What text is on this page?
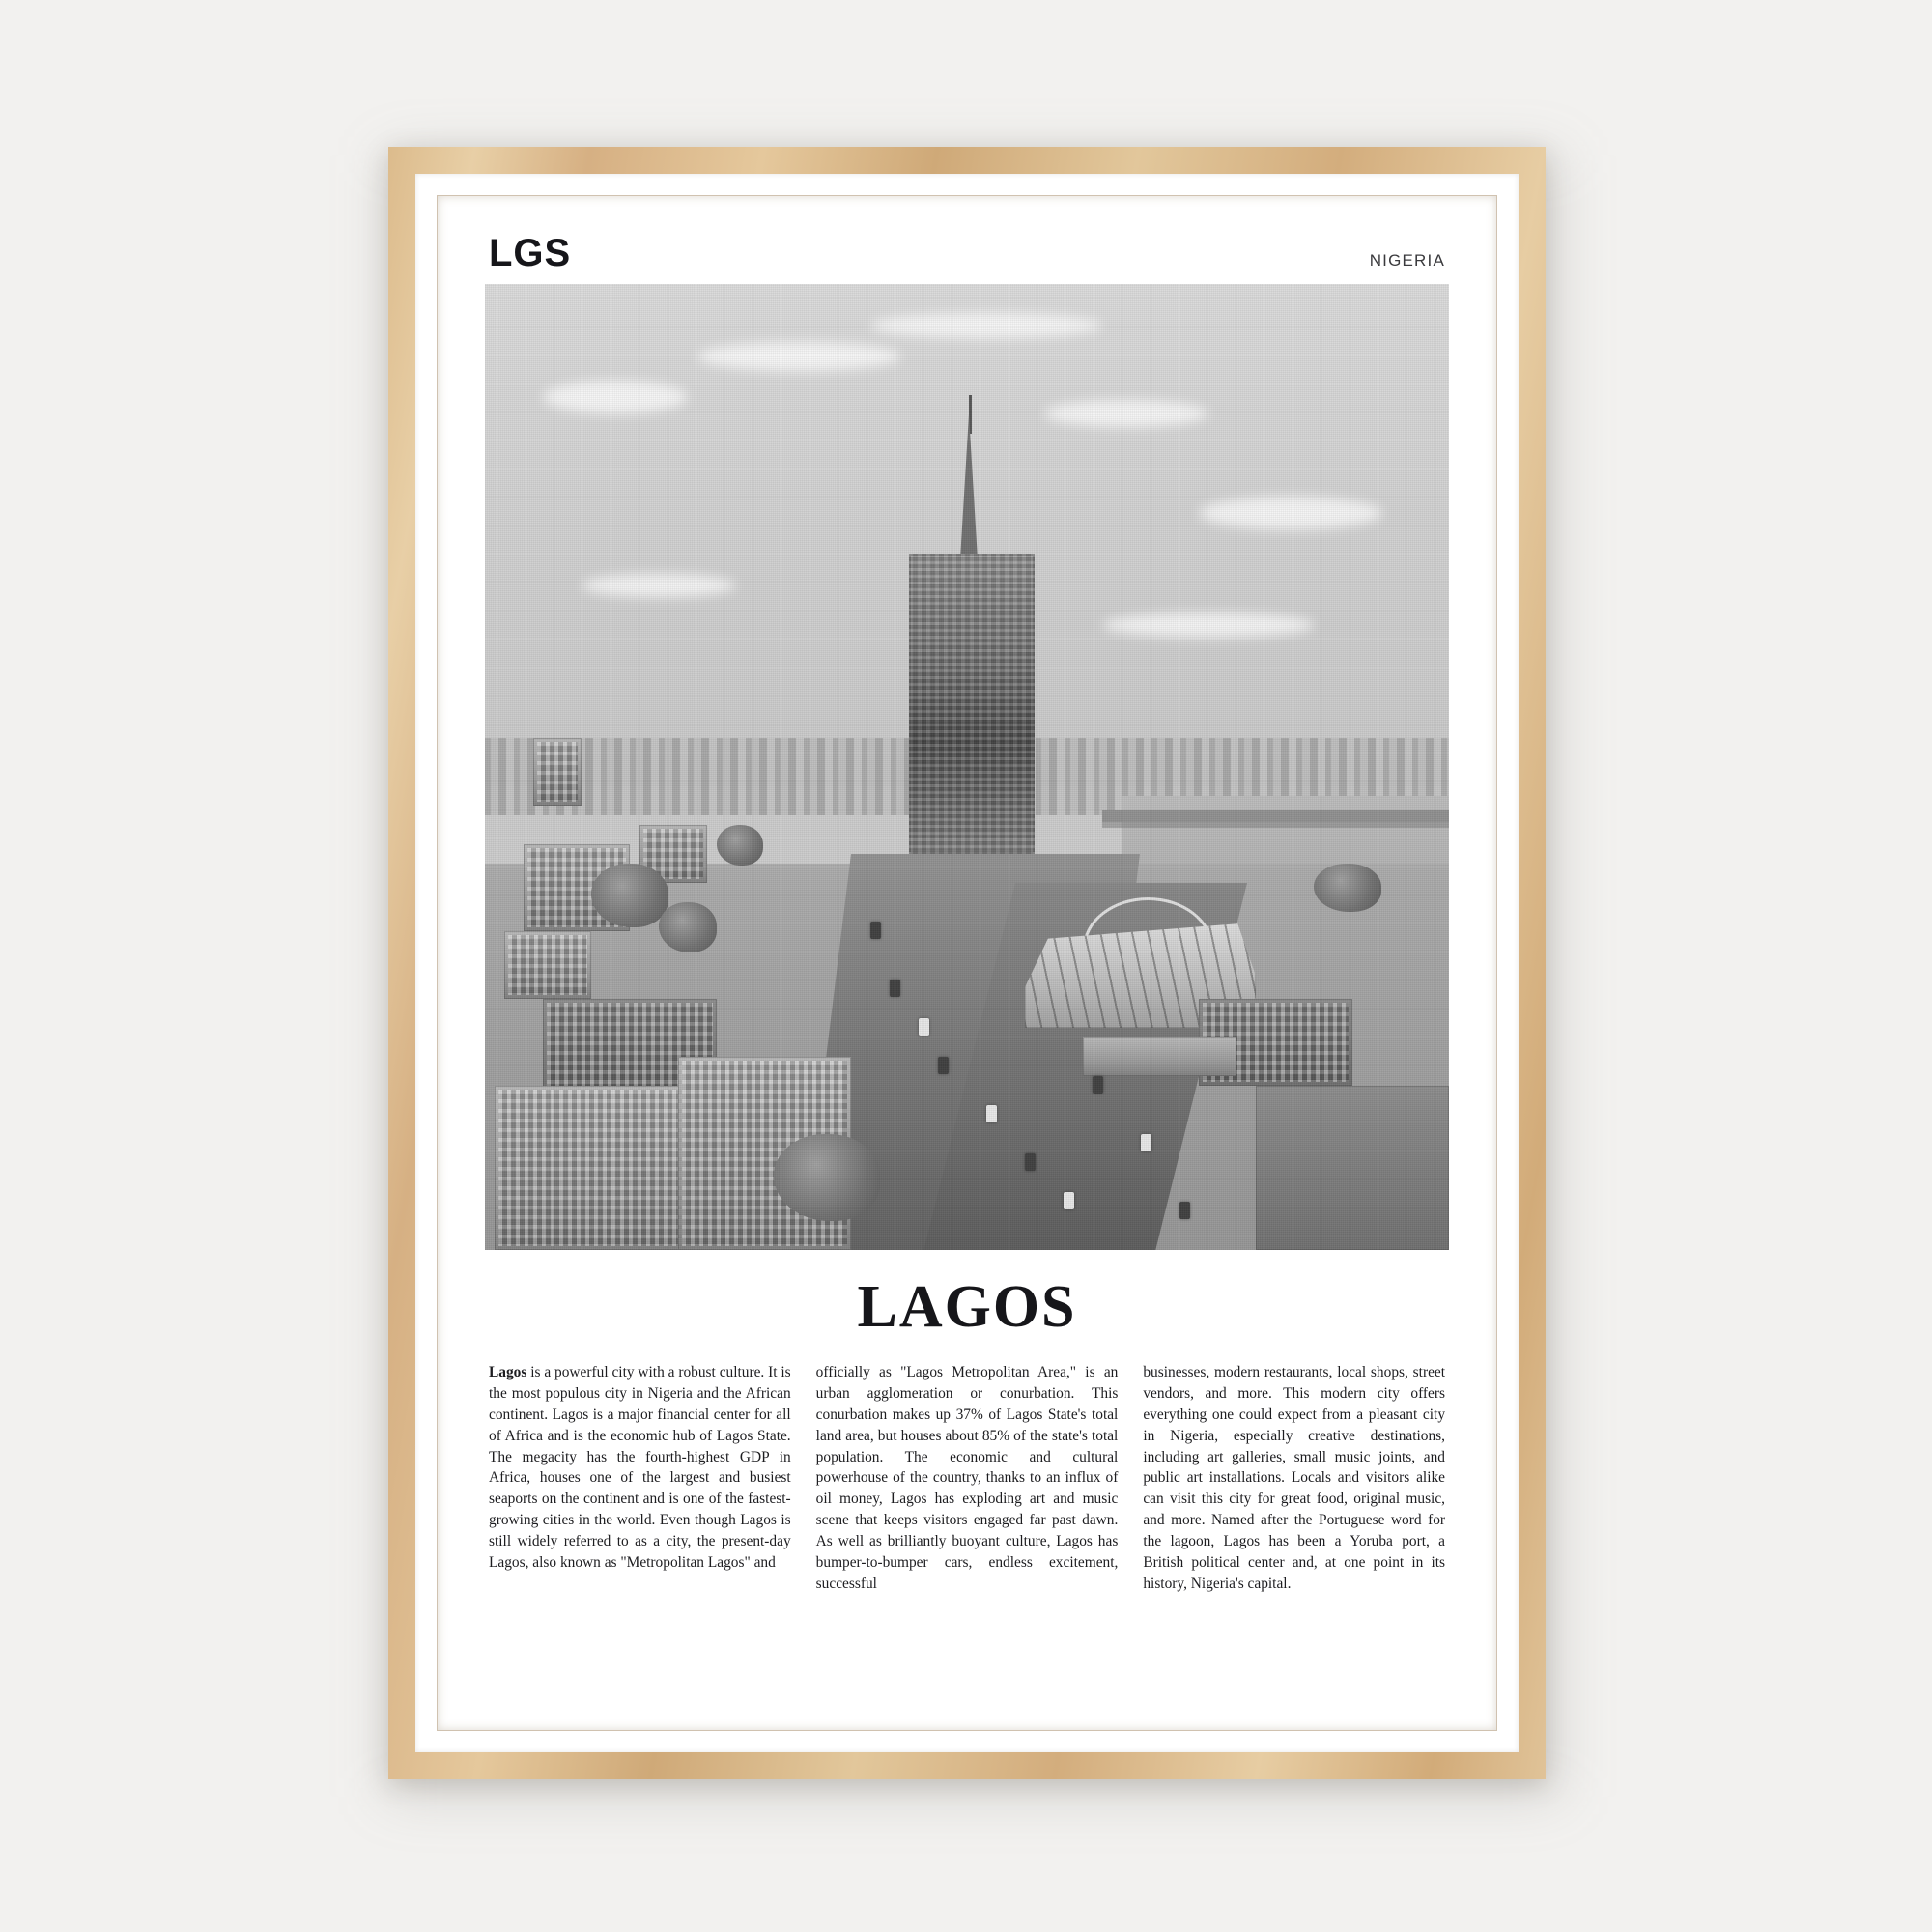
LGS	NIGERIA
LAGOS
Lagos is a powerful city with a robust culture. It is the most populous city in Nigeria and the African continent. Lagos is a major financial center for all of Africa and is the economic hub of Lagos State. The megacity has the fourth-highest GDP in Africa, houses one of the largest and busiest seaports on the continent and is one of the fastest-growing cities in the world. Even though Lagos is still widely referred to as a city, the present-day Lagos, also known as "Metropolitan Lagos" and
officially as "Lagos Metropolitan Area," is an urban agglomeration or conurbation. This conurbation makes up 37% of Lagos State's total land area, but houses about 85% of the state's total population. The economic and cultural powerhouse of the country, thanks to an influx of oil money, Lagos has exploding art and music scene that keeps visitors engaged far past dawn. As well as brilliantly buoyant culture, Lagos has bumper-to-bumper cars, endless excitement, successful
businesses, modern restaurants, local shops, street vendors, and more. This modern city offers everything one could expect from a pleasant city in Nigeria, especially creative destinations, including art galleries, small music joints, and public art installations. Locals and visitors alike can visit this city for great food, original music, and more. Named after the Portuguese word for the lagoon, Lagos has been a Yoruba port, a British political center and, at one point in its history, Nigeria's capital.
